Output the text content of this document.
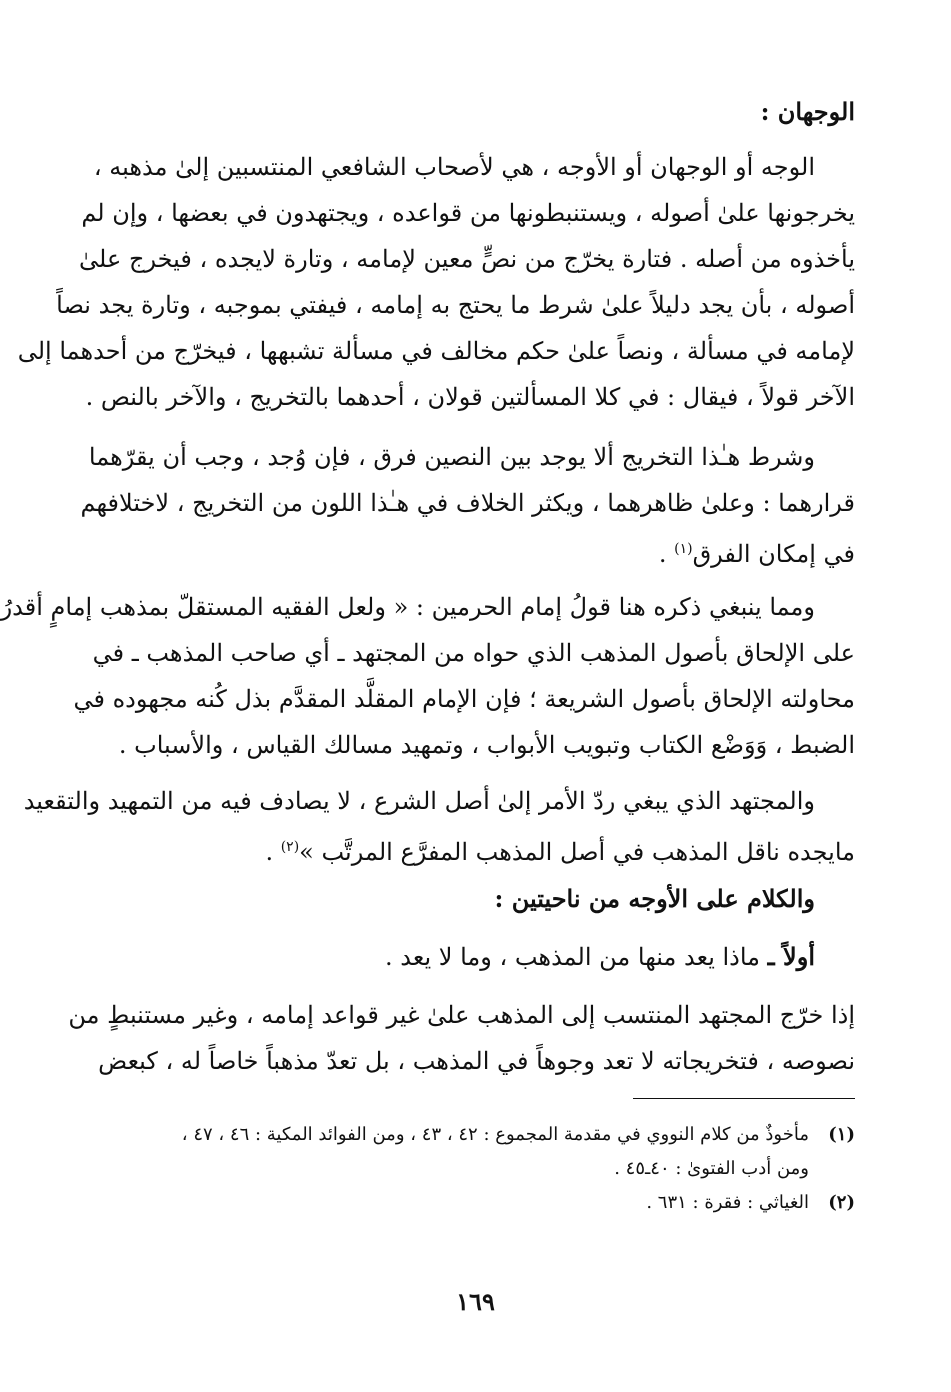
الوجهان :
الوجه أو الوجهان أو الأوجه ، هي لأصحاب الشافعي المنتسبين إلىٰ مذهبه ،
يخرجونها علىٰ أصوله ، ويستنبطونها من قواعده ، ويجتهدون في بعضها ، وإن لم
يأخذوه من أصله . فتارة يخرّج من نصٍّ معين لإمامه ، وتارة لايجده ، فيخرج علىٰ
أصوله ، بأن يجد دليلاً علىٰ شرط ما يحتج به إمامه ، فيفتي بموجبه ، وتارة يجد نصاً
لإمامه في مسألة ، ونصاً علىٰ حكم مخالف في مسألة تشبهها ، فيخرّج من أحدهما إلى
الآخر قولاً ، فيقال : في كلا المسألتين قولان ، أحدهما بالتخريج ، والآخر بالنص .
وشرط هـٰذا التخريج ألا يوجد بين النصين فرق ، فإن وُجد ، وجب أن يقرّهما
قرارهما : وعلىٰ ظاهرهما ، ويكثر الخلاف في هـٰذا اللون من التخريج ، لاختلافهم
في إمكان الفرق$^{(١)}$ .
ومما ينبغي ذكره هنا قولُ إمام الحرمين : « ولعل الفقيه المستقلّ بمذهب إمامٍ أقدرُ
على الإلحاق بأصول المذهب الذي حواه من المجتهد ـ أي صاحب المذهب ـ في
محاولته الإلحاق بأصول الشريعة ؛ فإن الإمام المقلَّد المقدَّم بذل كُنه مجهوده في
الضبط ، وَوَضْع الكتاب وتبويب الأبواب ، وتمهيد مسالك القياس ، والأسباب .
والمجتهد الذي يبغي ردّ الأمر إلىٰ أصل الشرع ، لا يصادف فيه من التمهيد والتقعيد
مايجده ناقل المذهب في أصل المذهب المفرَّع المرتَّب »$^{(٢)}$ .
والكلام على الأوجه من ناحيتين :
أولاً ـ ماذا يعد منها من المذهب ، وما لا يعد .
إذا خرّج المجتهد المنتسب إلى المذهب علىٰ غير قواعد إمامه ، وغير مستنبطٍ من
نصوصه ، فتخريجاته لا تعد وجوهاً في المذهب ، بل تعدّ مذهباً خاصاً له ، كبعض
(١)مأخوذٌ من كلام النووي في مقدمة المجموع : ٤٢ ، ٤٣ ، ومن الفوائد المكية : ٤٦ ، ٤٧ ،
ومن أدب الفتوىٰ : ٤٠ـ٤٥ .
(٢)الغياثي : فقرة : ٦٣١ .
١٦٩
